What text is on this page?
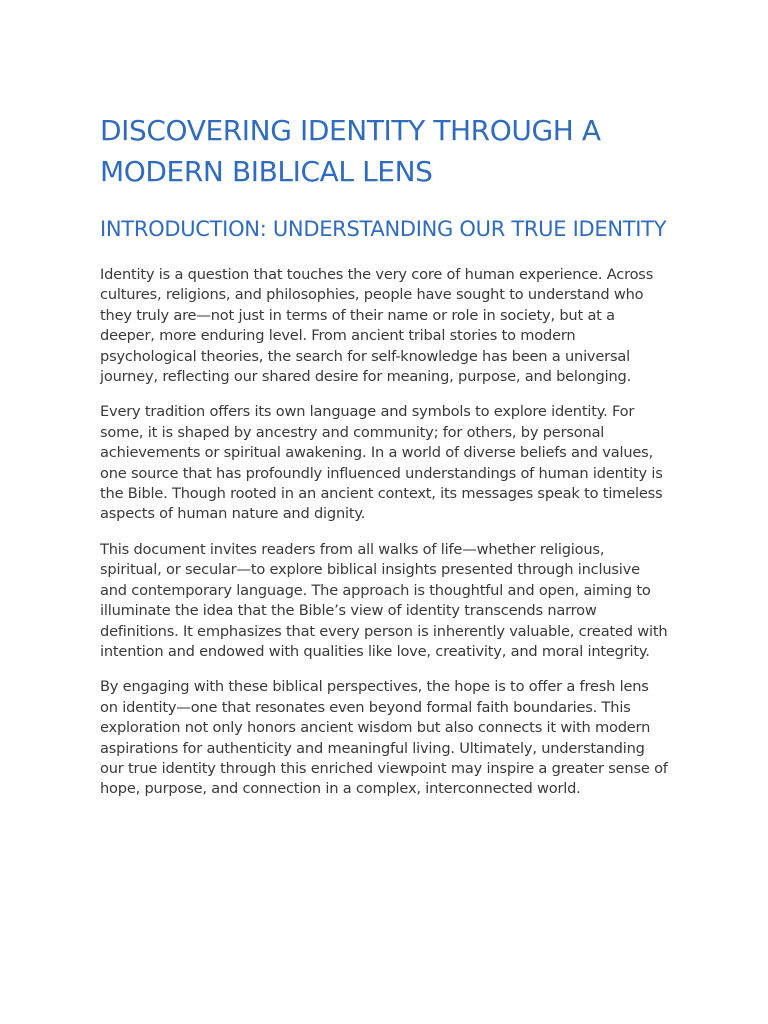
DISCOVERING IDENTITY THROUGH A MODERN BIBLICAL LENS
INTRODUCTION: UNDERSTANDING OUR TRUE IDENTITY

Identity is a question that touches the very core of human experience. Across cultures, religions, and philosophies, people have sought to understand who they truly are—not just in terms of their name or role in society, but at a deeper, more enduring level. From ancient tribal stories to modern psychological theories, the search for self-knowledge has been a universal journey, reflecting our shared desire for meaning, purpose, and belonging.

Every tradition offers its own language and symbols to explore identity. For some, it is shaped by ancestry and community; for others, by personal achievements or spiritual awakening. In a world of diverse beliefs and values, one source that has profoundly influenced understandings of human identity is the Bible. Though rooted in an ancient context, its messages speak to timeless aspects of human nature and dignity.

This document invites readers from all walks of life—whether religious, spiritual, or secular—to explore biblical insights presented through inclusive and contemporary language. The approach is thoughtful and open, aiming to illuminate the idea that the Bible’s view of identity transcends narrow definitions. It emphasizes that every person is inherently valuable, created with intention and endowed with qualities like love, creativity, and moral integrity.

By engaging with these biblical perspectives, the hope is to offer a fresh lens on identity—one that resonates even beyond formal faith boundaries. This exploration not only honors ancient wisdom but also connects it with modern aspirations for authenticity and meaningful living. Ultimately, understanding our true identity through this enriched viewpoint may inspire a greater sense of hope, purpose, and connection in a complex, interconnected world.
